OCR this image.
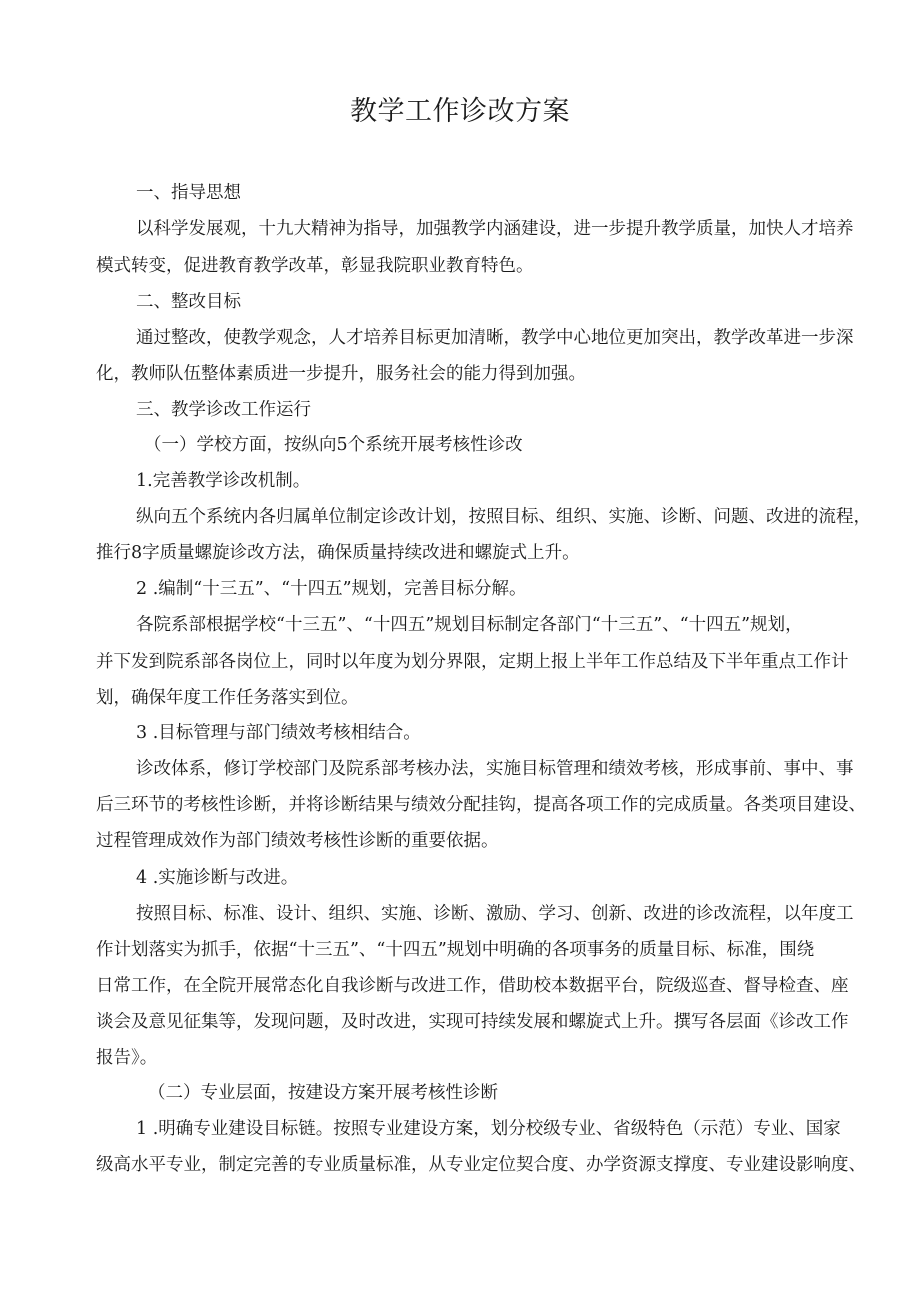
教学工作诊改方案
一、指导思想
以科学发展观，十九大精神为指导，加强教学内涵建设，进一步提升教学质量，加快人才培养
模式转变，促进教育教学改革，彰显我院职业教育特色。
二、整改目标
通过整改，使教学观念，人才培养目标更加清晰，教学中心地位更加突出，教学改革进一步深
化，教师队伍整体素质进一步提升，服务社会的能力得到加强。
三、教学诊改工作运行
（一）学校方面，按纵向5个系统开展考核性诊改
1.完善教学诊改机制。
纵向五个系统内各归属单位制定诊改计划，按照目标、组织、实施、诊断、问题、改进的流程，
推行8字质量螺旋诊改方法，确保质量持续改进和螺旋式上升。
2 .编制“十三五”、“十四五”规划，完善目标分解。
各院系部根据学校“十三五”、“十四五”规划目标制定各部门“十三五”、“十四五”规划，
并下发到院系部各岗位上，同时以年度为划分界限，定期上报上半年工作总结及下半年重点工作计
划，确保年度工作任务落实到位。
3 .目标管理与部门绩效考核相结合。
诊改体系，修订学校部门及院系部考核办法，实施目标管理和绩效考核，形成事前、事中、事
后三环节的考核性诊断，并将诊断结果与绩效分配挂钩，提高各项工作的完成质量。各类项目建设、
过程管理成效作为部门绩效考核性诊断的重要依据。
4 .实施诊断与改进。
按照目标、标准、设计、组织、实施、诊断、激励、学习、创新、改进的诊改流程，以年度工
作计划落实为抓手，依据“十三五”、“十四五”规划中明确的各项事务的质量目标、标准，围绕
日常工作，在全院开展常态化自我诊断与改进工作，借助校本数据平台，院级巡查、督导检查、座
谈会及意见征集等，发现问题，及时改进，实现可持续发展和螺旋式上升。撰写各层面《诊改工作
报告》。
（二）专业层面，按建设方案开展考核性诊断
1 .明确专业建设目标链。按照专业建设方案，划分校级专业、省级特色（示范）专业、国家
级高水平专业，制定完善的专业质量标准，从专业定位契合度、办学资源支撑度、专业建设影响度、
